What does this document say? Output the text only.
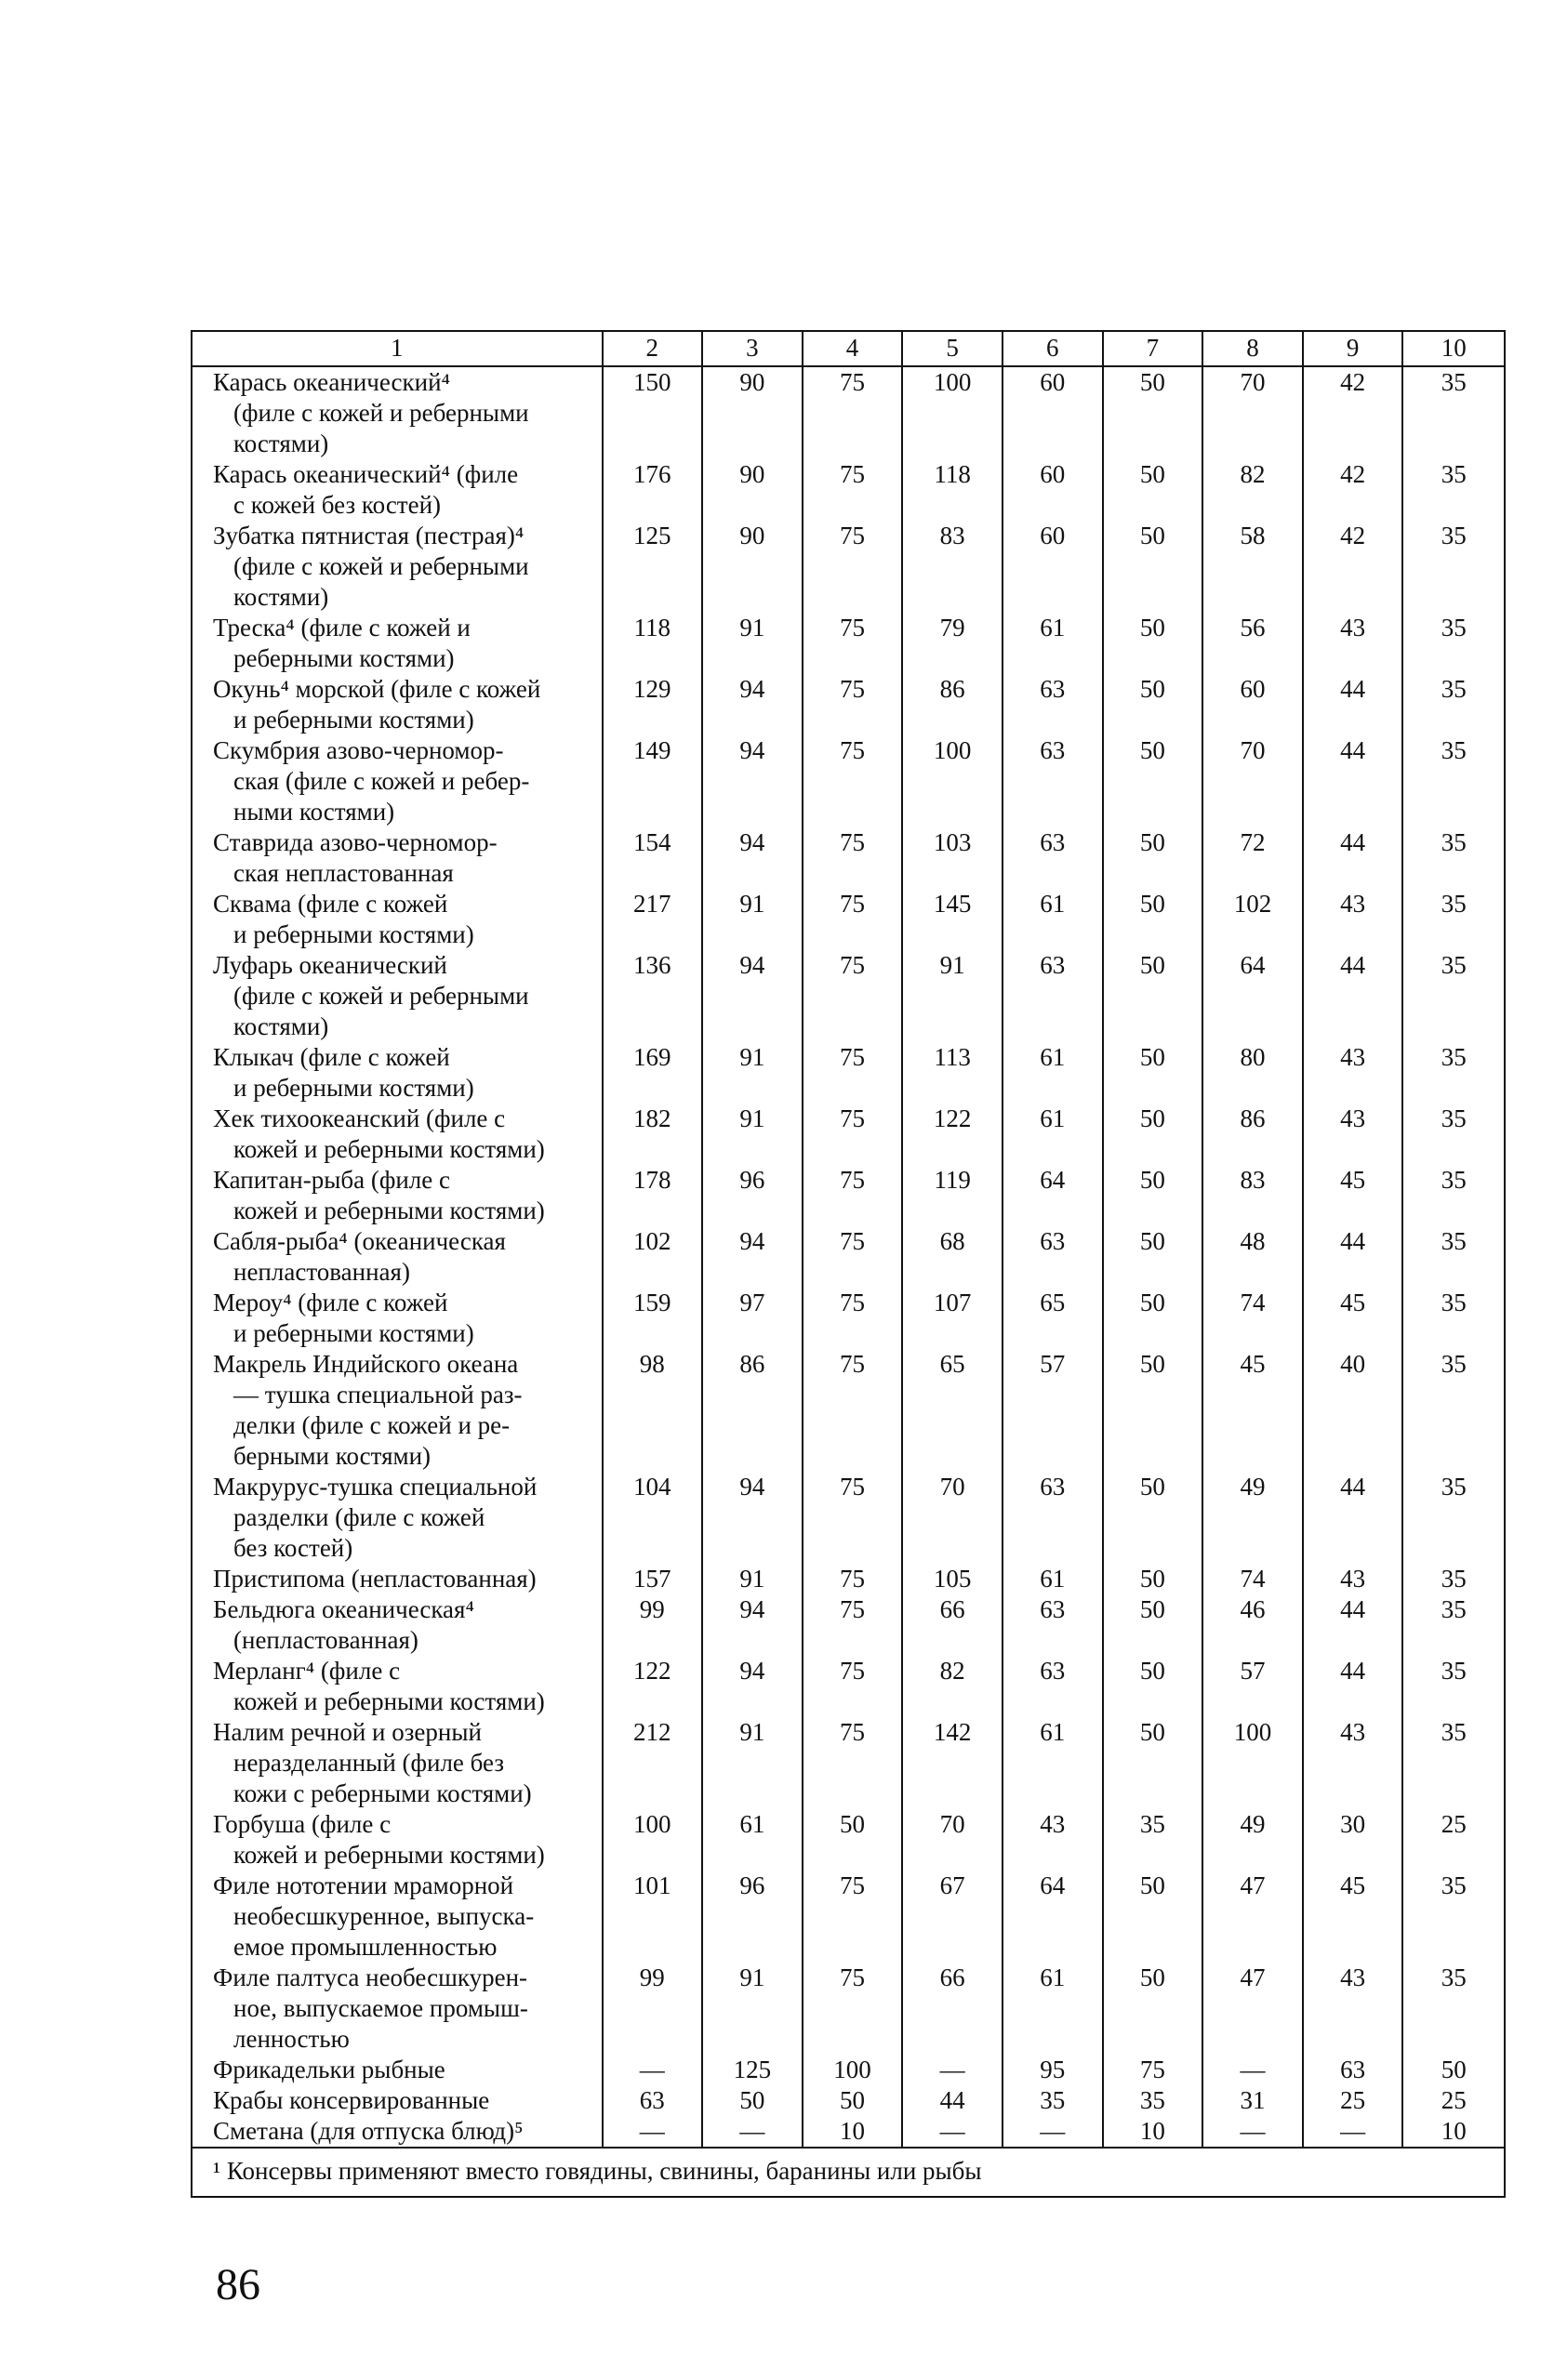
1	2	3	4	5	6	7	8	9	10

Карась океанический⁴
(филе с кожей и реберными
костями)	150	90	75	100	60	50	70	42	35

Карась океанический⁴ (филе
с кожей без костей)	176	90	75	118	60	50	82	42	35

Зубатка пятнистая (пестрая)⁴
(филе с кожей и реберными
костями)	125	90	75	83	60	50	58	42	35

Треска⁴ (филе с кожей и
реберными костями)	118	91	75	79	61	50	56	43	35

Окунь⁴ морской (филе с кожей
и реберными костями)	129	94	75	86	63	50	60	44	35

Скумбрия азово-черномор-
ская (филе с кожей и ребер-
ными костями)	149	94	75	100	63	50	70	44	35

Ставрида азово-черномор-
ская непластованная	154	94	75	103	63	50	72	44	35

Сквама (филе с кожей
и реберными костями)	217	91	75	145	61	50	102	43	35

Луфарь океанический
(филе с кожей и реберными
костями)	136	94	75	91	63	50	64	44	35

Клыкач (филе с кожей
и реберными костями)	169	91	75	113	61	50	80	43	35

Хек тихоокеанский (филе с
кожей и реберными костями)	182	91	75	122	61	50	86	43	35

Капитан-рыба (филе с
кожей и реберными костями)	178	96	75	119	64	50	83	45	35

Сабля-рыба⁴ (океаническая
непластованная)	102	94	75	68	63	50	48	44	35

Мероу⁴ (филе с кожей
и реберными костями)	159	97	75	107	65	50	74	45	35

Макрель Индийского океана
— тушка специальной раз-
делки (филе с кожей и ре-
берными костями)	98	86	75	65	57	50	45	40	35

Макрурус-тушка специальной
разделки (филе с кожей
без костей)	104	94	75	70	63	50	49	44	35

Пристипома (непластованная)	157	91	75	105	61	50	74	43	35

Бельдюга океаническая⁴
(непластованная)	99	94	75	66	63	50	46	44	35

Мерланг⁴ (филе с
кожей и реберными костями)	122	94	75	82	63	50	57	44	35

Налим речной и озерный
неразделанный (филе без
кожи с реберными костями)	212	91	75	142	61	50	100	43	35

Горбуша (филе с
кожей и реберными костями)	100	61	50	70	43	35	49	30	25

Филе нототении мраморной
необесшкуренное, выпуска-
емое промышленностью	101	96	75	67	64	50	47	45	35

Филе палтуса необесшкурен-
ное, выпускаемое промыш-
ленностью	99	91	75	66	61	50	47	43	35

Фрикадельки рыбные	—	125	100	—	95	75	—	63	50

Крабы консервированные	63	50	50	44	35	35	31	25	25

Сметана (для отпуска блюд)⁵	—	—	10	—	—	10	—	—	10
¹ Консервы применяют вместо говядины, свинины, баранины или рыбы									
86
